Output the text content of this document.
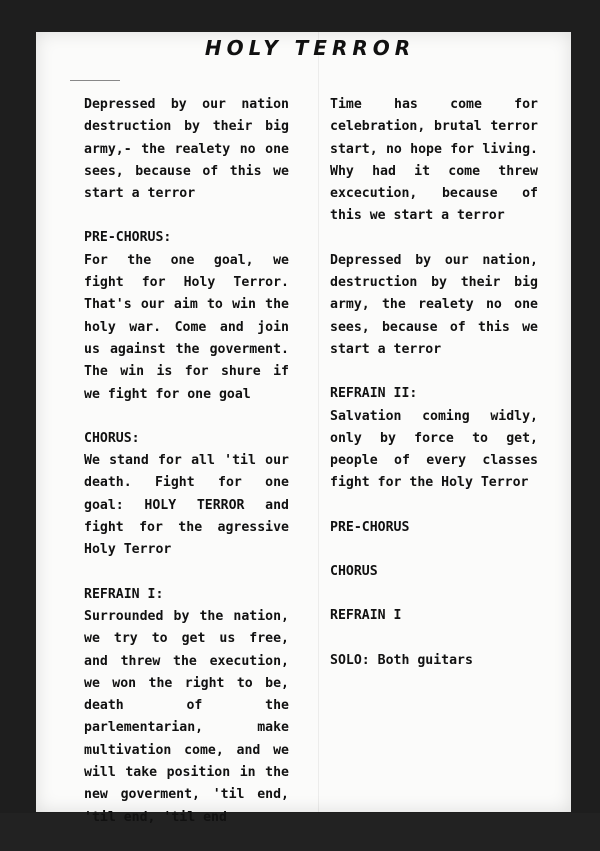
HOLY TERROR
Depressed by our nation destruction by their big army,- the realety no one sees, because of this we start a terror
PRE-CHORUS:
For the one goal, we fight for Holy Terror. That's our aim to win the holy war. Come and join us against the goverment. The win is for shure if we fight for one goal
CHORUS:
We stand for all 'til our death. Fight for one goal: HOLY TERROR and fight for the agressive Holy Terror
REFRAIN I:
Surrounded by the nation, we try to get us free, and threw the execution, we won the right to be, death of the parlementarian, make multivation come, and we will take position in the new goverment, 'til end, 'til end, 'til end
Time has come for celebration, brutal terror start, no hope for living. Why had it come threw excecution, because of this we start a terror
Depressed by our nation, destruction by their big army, the realety no one sees, because of this we start a terror
REFRAIN II:
Salvation coming widly, only by force to get, people of every classes fight for the Holy Terror
PRE-CHORUS
CHORUS
REFRAIN I
SOLO: Both guitars
